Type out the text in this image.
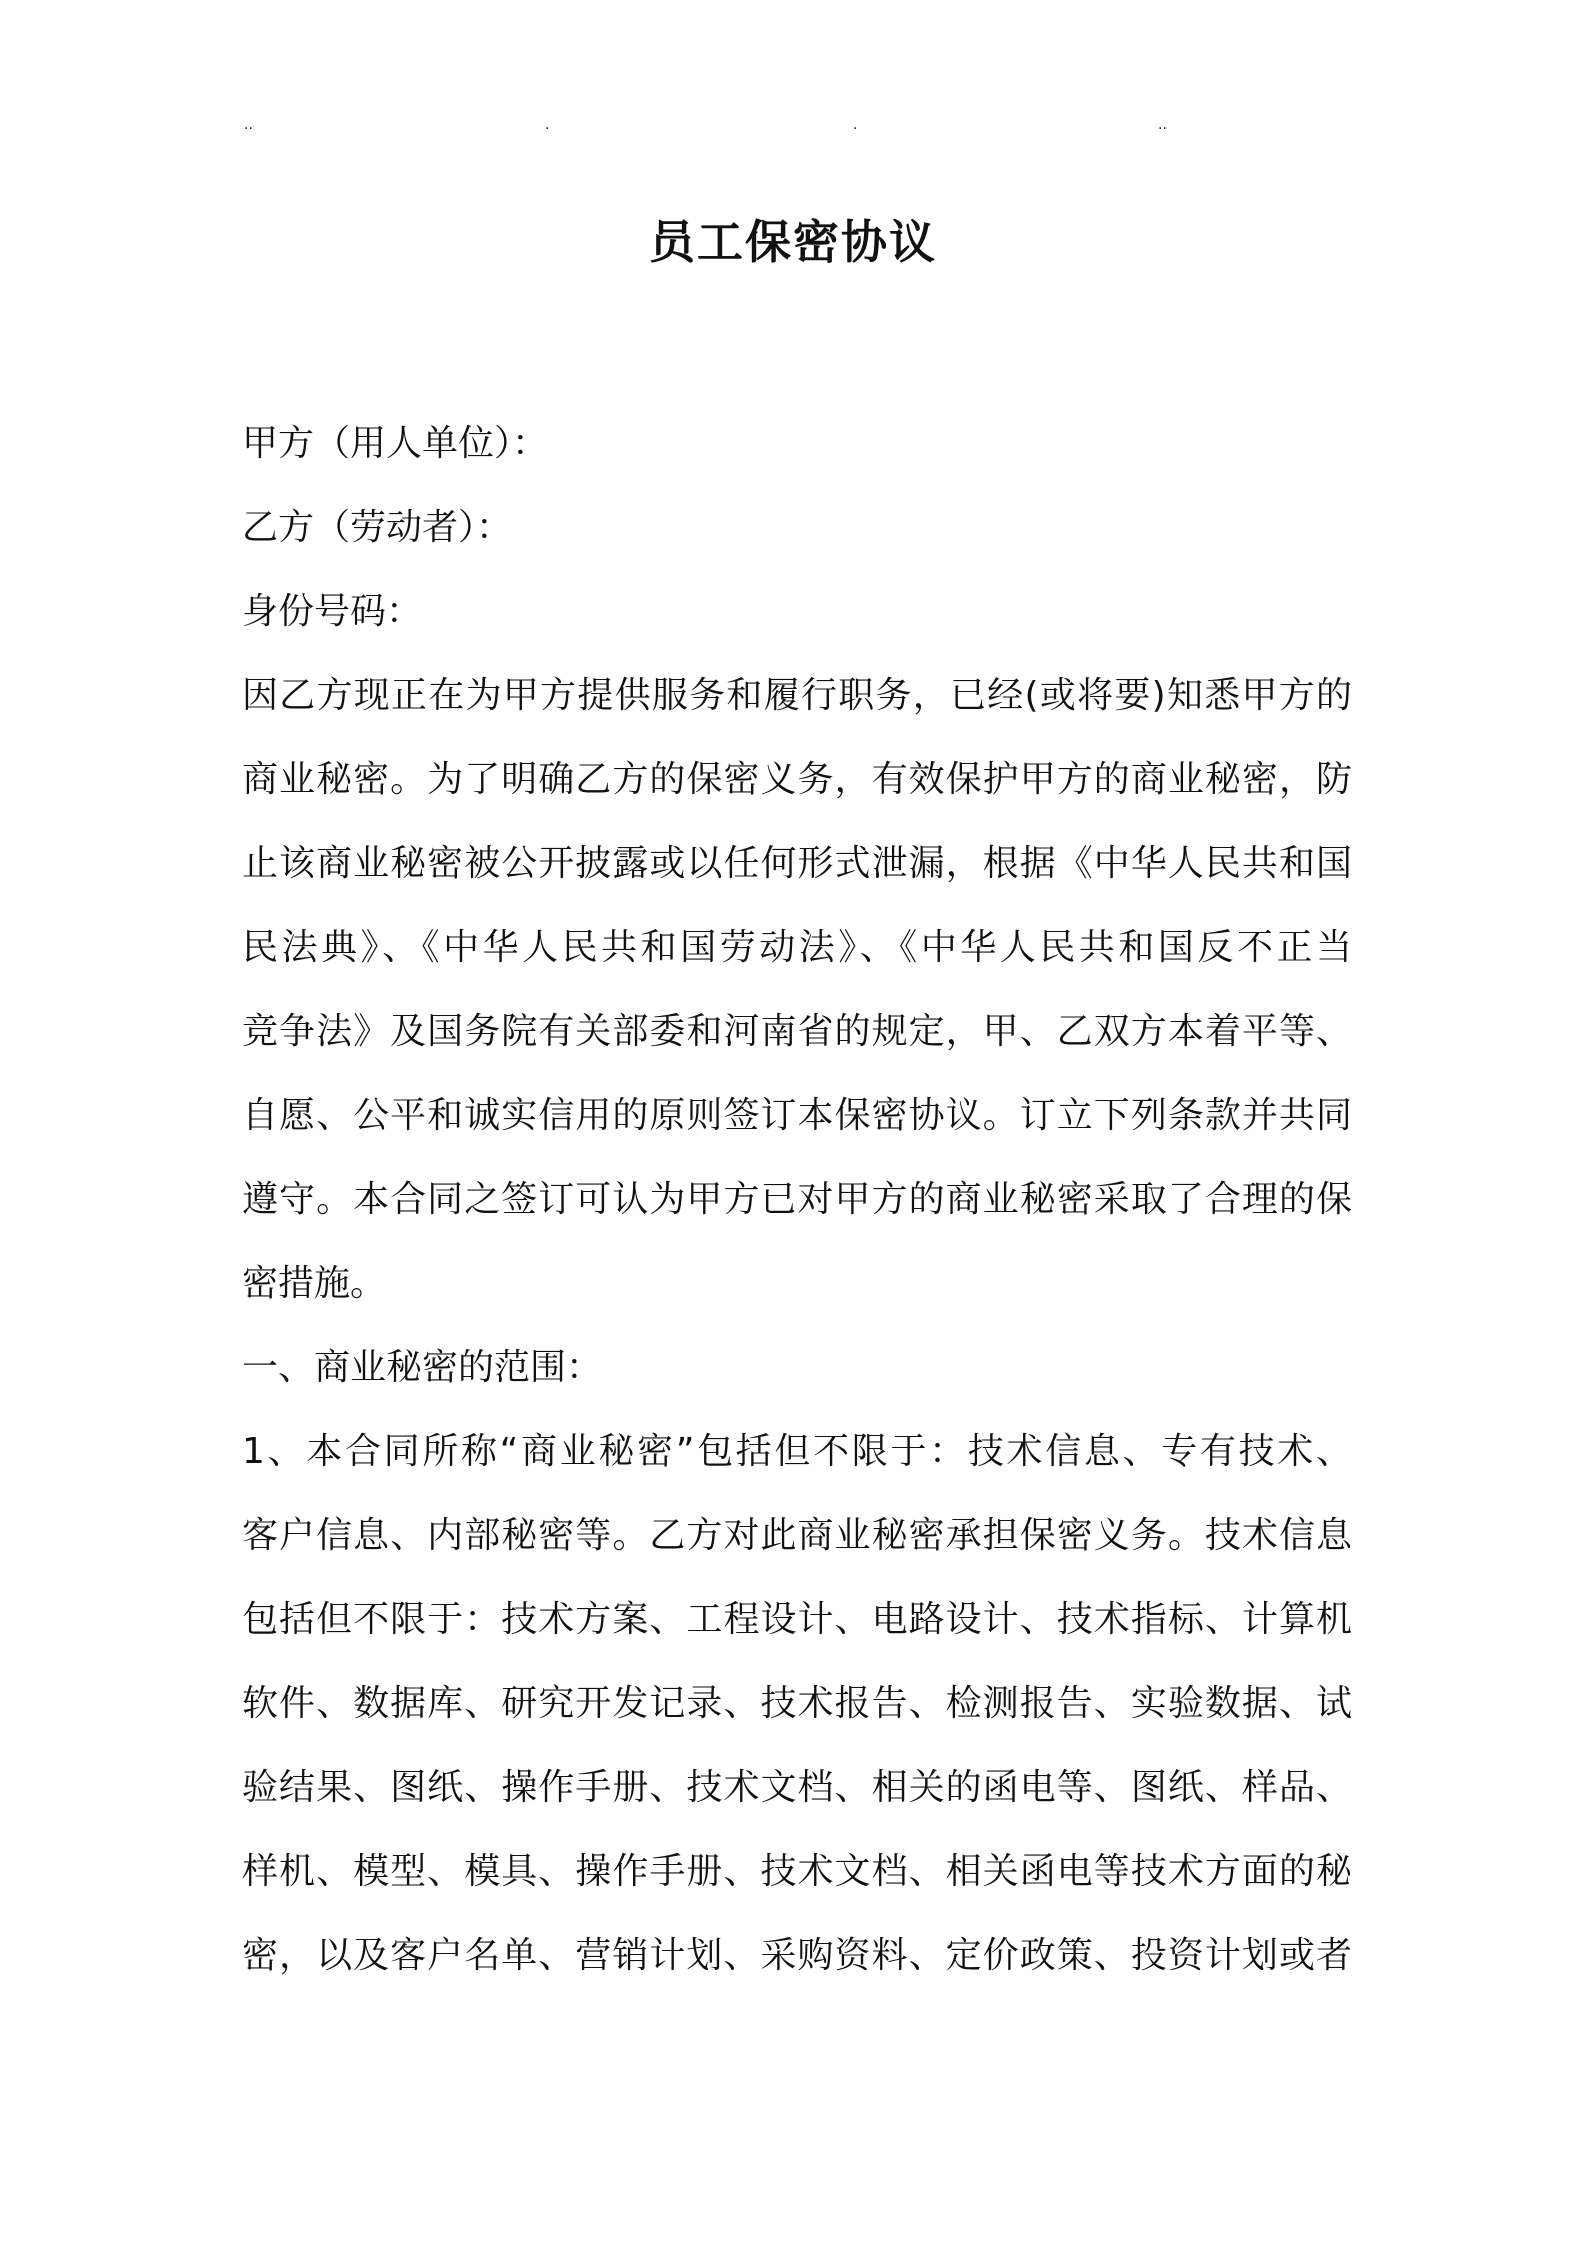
..	.	.	..
员工保密协议
甲方（用人单位）：
乙方（劳动者）：
身份号码：
因乙方现正在为甲方提供服务和履行职务，已经(或将要)知悉甲方的
商业秘密。为了明确乙方的保密义务，有效保护甲方的商业秘密，防
止该商业秘密被公开披露或以任何形式泄漏，根据《中华人民共和国
民法典》、《中华人民共和国劳动法》、《中华人民共和国反不正当
竞争法》及国务院有关部委和河南省的规定，甲、乙双方本着平等、
自愿、公平和诚实信用的原则签订本保密协议。订立下列条款并共同
遵守。本合同之签订可认为甲方已对甲方的商业秘密采取了合理的保
密措施。
一、商业秘密的范围：
1、本合同所称“商业秘密”包括但不限于：技术信息、专有技术、
客户信息、内部秘密等。乙方对此商业秘密承担保密义务。技术信息
包括但不限于：技术方案、工程设计、电路设计、技术指标、计算机
软件、数据库、研究开发记录、技术报告、检测报告、实验数据、试
验结果、图纸、操作手册、技术文档、相关的函电等、图纸、样品、
样机、模型、模具、操作手册、技术文档、相关函电等技术方面的秘
密，以及客户名单、营销计划、采购资料、定价政策、投资计划或者
